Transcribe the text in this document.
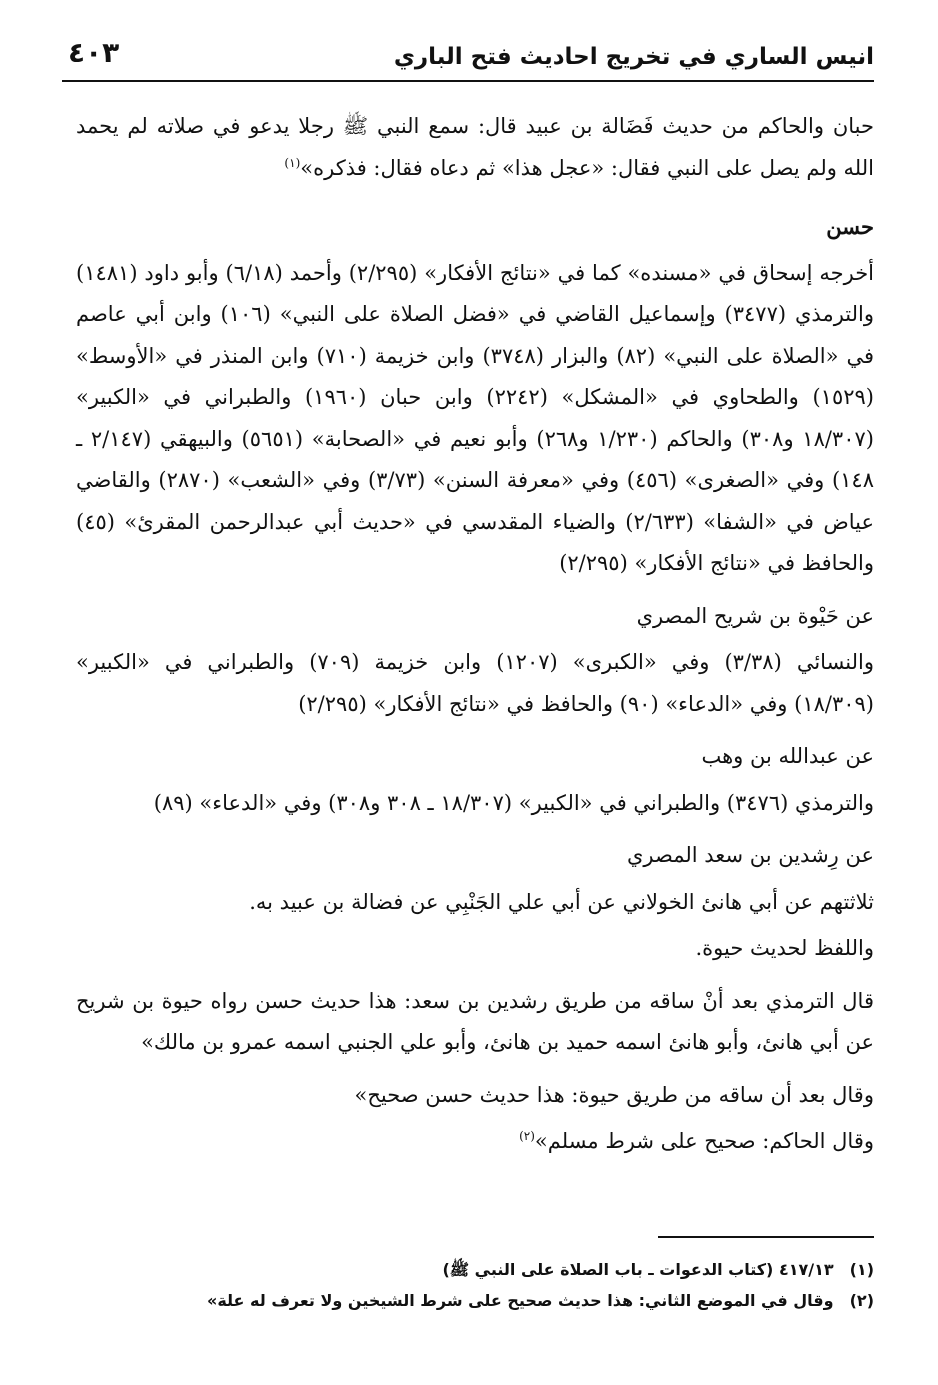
انيس الساري في تخريج احاديث فتح الباري
٤٠٣

حبان والحاكم من حديث فَضَالة بن عبيد قال: سمع النبي ﷺ رجلا يدعو في صلاته لم يحمد الله ولم يصل على النبي فقال: «عجل هذا» ثم دعاه فقال: فذكره»$^{(١)}$

حسن

أخرجه إسحاق في «مسنده» كما في «نتائج الأفكار» (٢/٢٩٥) وأحمد (٦/١٨) وأبو داود (١٤٨١) والترمذي (٣٤٧٧) وإسماعيل القاضي في «فضل الصلاة على النبي» (١٠٦) وابن أبي عاصم في «الصلاة على النبي» (٨٢) والبزار (٣٧٤٨) وابن خزيمة (٧١٠) وابن المنذر في «الأوسط» (١٥٢٩) والطحاوي في «المشكل» (٢٢٤٢) وابن حبان (١٩٦٠) والطبراني في «الكبير» (١٨/٣٠٧ و٣٠٨) والحاكم (١/٢٣٠ و٢٦٨) وأبو نعيم في «الصحابة» (٥٦٥١) والبيهقي (٢/١٤٧ ـ ١٤٨) وفي «الصغرى» (٤٥٦) وفي «معرفة السنن» (٣/٧٣) وفي «الشعب» (٢٨٧٠) والقاضي عياض في «الشفا» (٢/٦٣٣) والضياء المقدسي في «حديث أبي عبدالرحمن المقرئ» (٤٥) والحافظ في «نتائج الأفكار» (٢/٢٩٥)

عن حَيْوة بن شريح المصري

والنسائي (٣/٣٨) وفي «الكبرى» (١٢٠٧) وابن خزيمة (٧٠٩) والطبراني في «الكبير» (١٨/٣٠٩) وفي «الدعاء» (٩٠) والحافظ في «نتائج الأفكار» (٢/٢٩٥)

عن عبدالله بن وهب

والترمذي (٣٤٧٦) والطبراني في «الكبير» (١٨/٣٠٧ ـ ٣٠٨ و٣٠٨) وفي «الدعاء» (٨٩)

عن رِشدين بن سعد المصري

ثلاثتهم عن أبي هانئ الخولاني عن أبي علي الجَنْبِي عن فضالة بن عبيد به.

واللفظ لحديث حيوة.

قال الترمذي بعد أنْ ساقه من طريق رشدين بن سعد: هذا حديث حسن رواه حيوة بن شريح عن أبي هانئ، وأبو هانئ اسمه حميد بن هانئ، وأبو علي الجنبي اسمه عمرو بن مالك»

وقال بعد أن ساقه من طريق حيوة: هذا حديث حسن صحيح»

وقال الحاكم: صحيح على شرط مسلم»$^{(٢)}$

(١)٤١٧/١٣ (كتاب الدعوات ـ باب الصلاة على النبي ﷺ)
(٢)وقال في الموضع الثاني: هذا حديث صحيح على شرط الشيخين ولا تعرف له علة»
